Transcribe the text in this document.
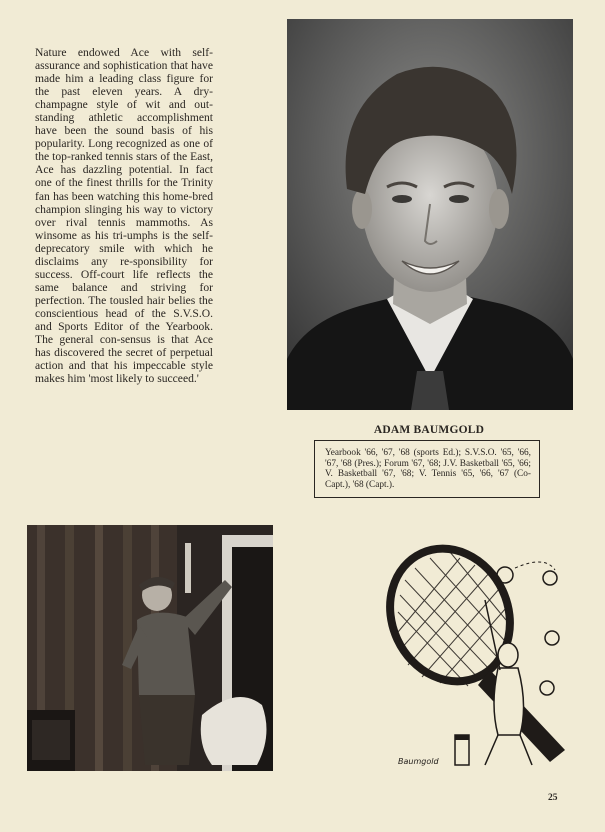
Nature endowed Ace with self-assurance and sophistication that have made him a leading class figure for the past eleven years. A dry-champagne style of wit and out-standing athletic accomplishment have been the sound basis of his popularity. Long recognized as one of the top-ranked tennis stars of the East, Ace has dazzling potential. In fact one of the finest thrills for the Trinity fan has been watching this home-bred champion slinging his way to victory over rival tennis mammoths. As winsome as his tri-umphs is the self-deprecatory smile with which he disclaims any re-sponsibility for success. Off-court life reflects the same balance and striving for perfection. The tousled hair belies the conscientious head of the S.V.S.O. and Sports Editor of the Yearbook. The general con-sensus is that Ace has discovered the secret of perpetual action and that his impeccable style makes him 'most likely to succeed.'

ADAM BAUMGOLD
Yearbook '66, '67, '68 (sports Ed.); S.V.S.O. '65, '66, '67, '68 (Pres.); Forum '67, '68; J.V. Basketball '65, '66; V. Basketball '67, '68; V. Tennis '65, '66, '67 (Co-Capt.), '68 (Capt.).
Baumgold
25
